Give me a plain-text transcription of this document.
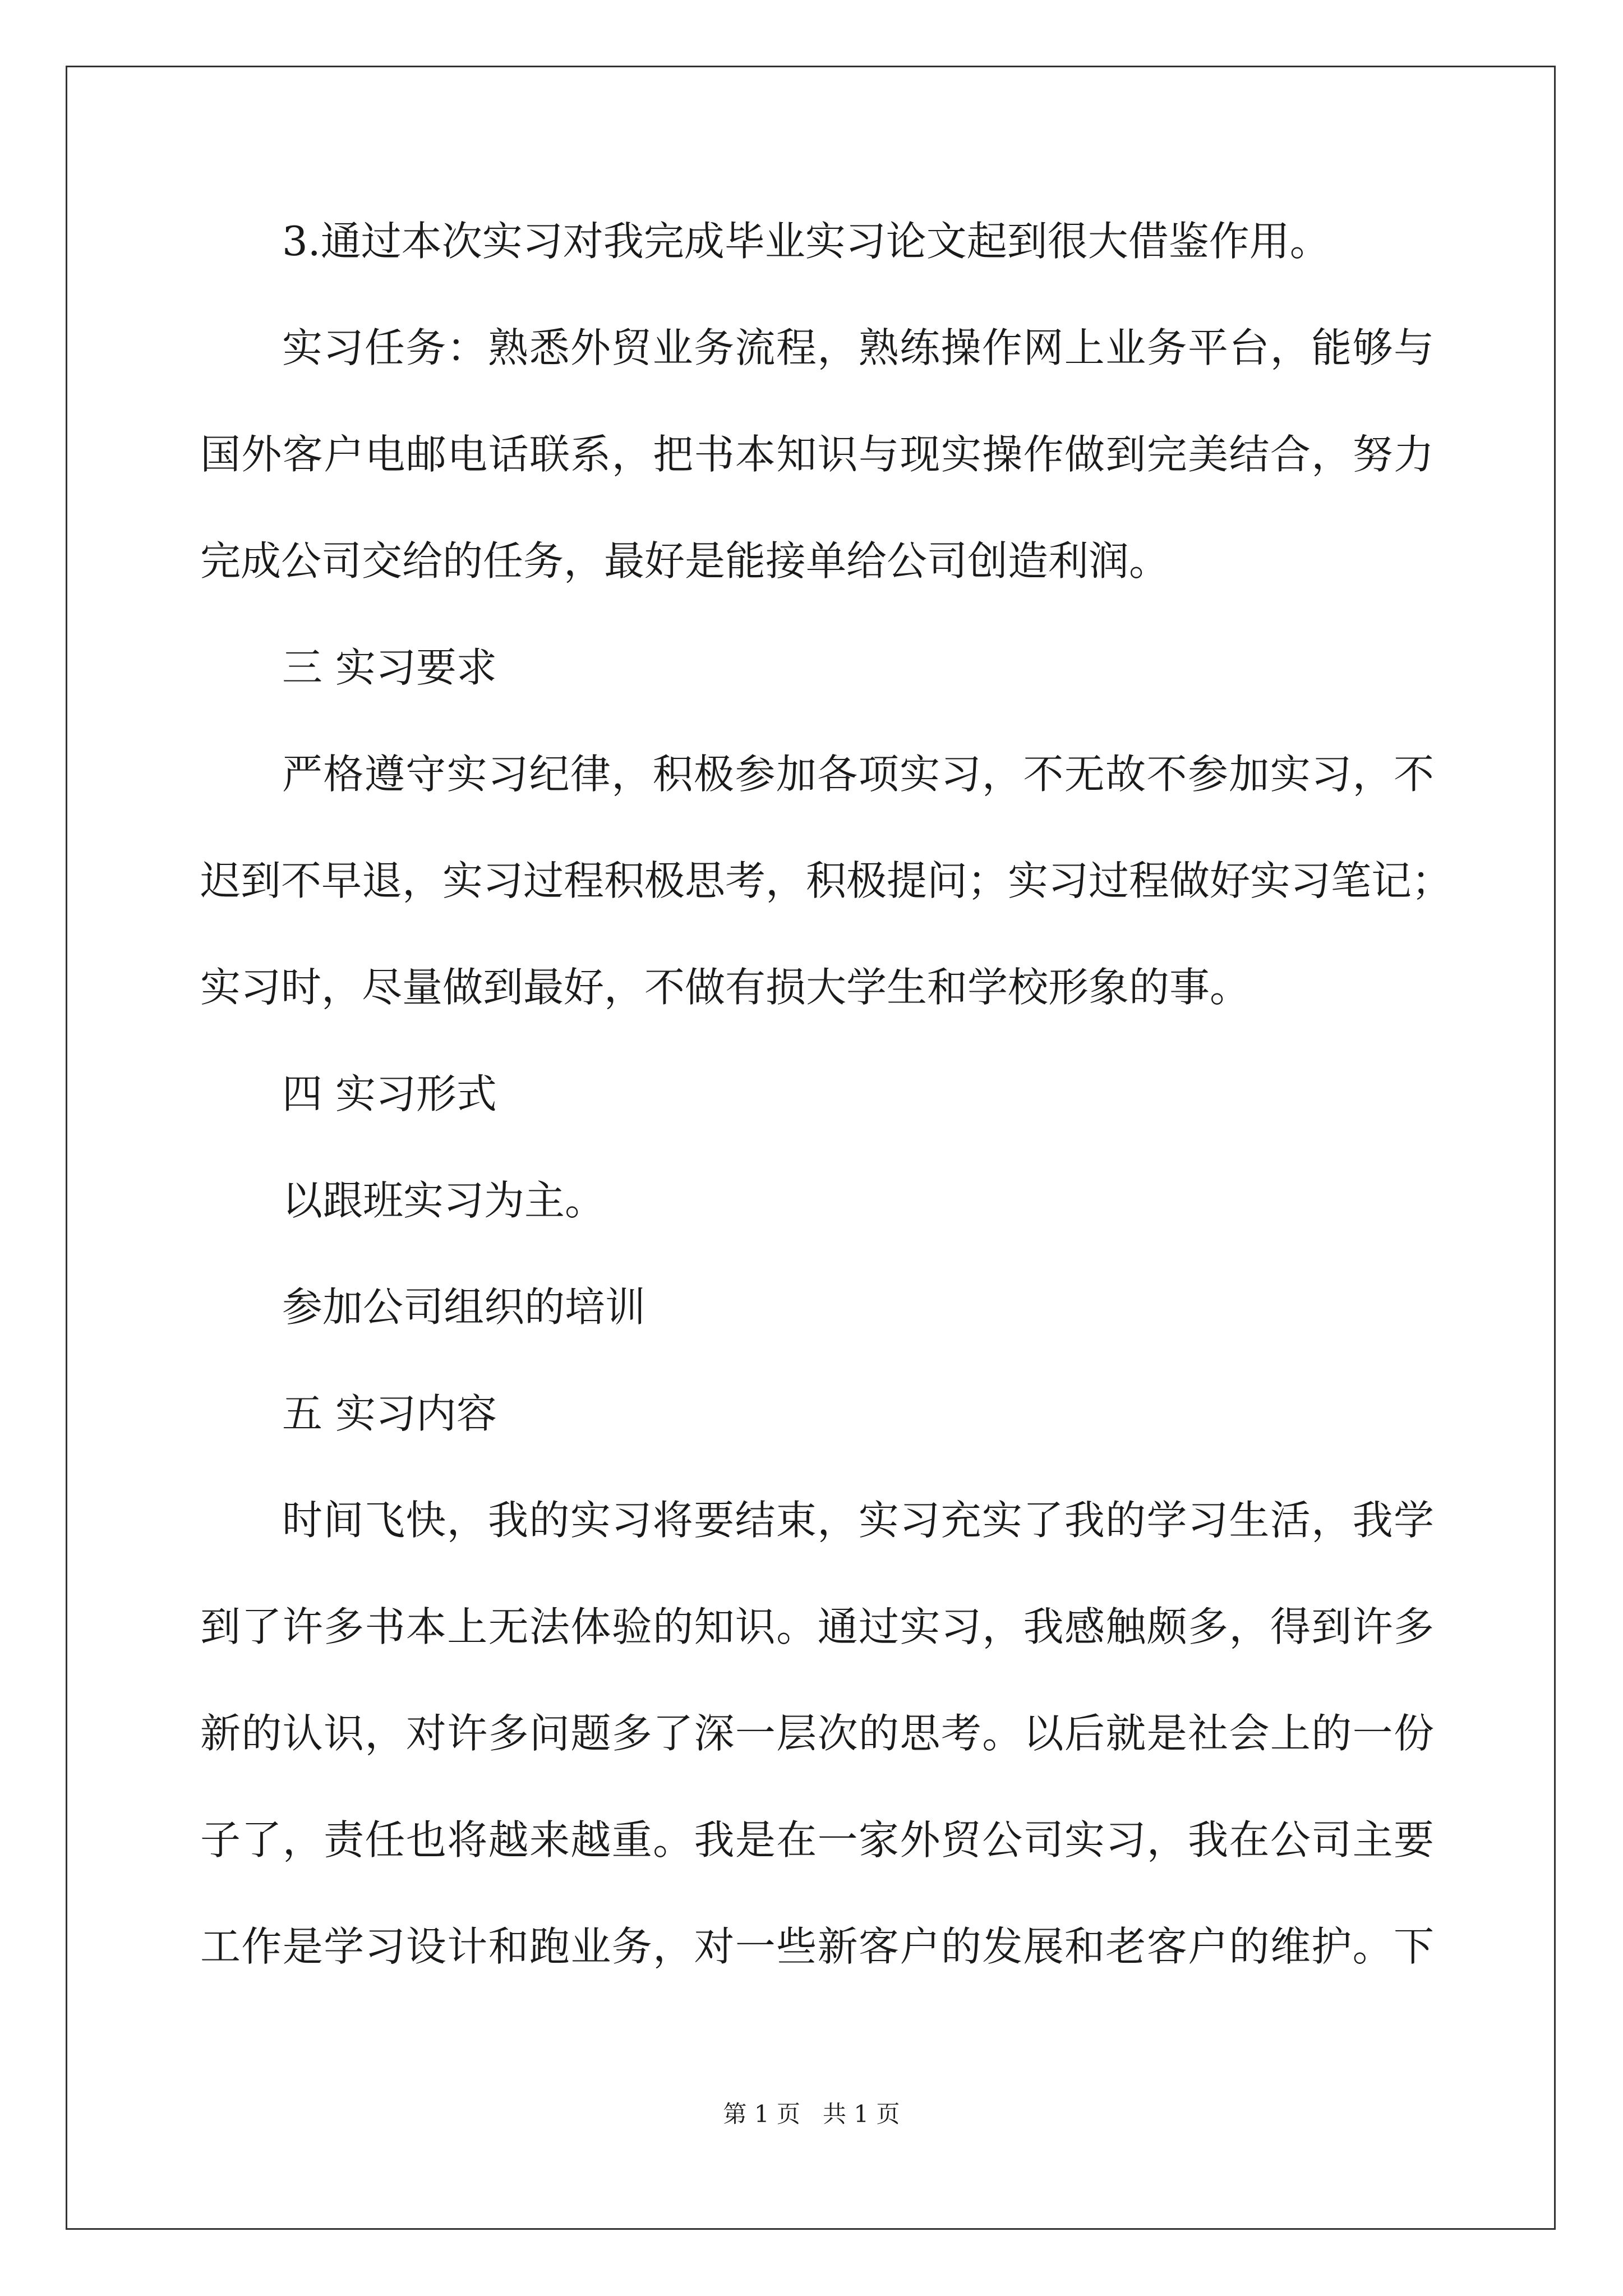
3.通过本次实习对我完成毕业实习论文起到很大借鉴作用。
实习任务：熟悉外贸业务流程，熟练操作网上业务平台，能够与
国外客户电邮电话联系，把书本知识与现实操作做到完美结合，努力
完成公司交给的任务，最好是能接单给公司创造利润。
三 实习要求
严格遵守实习纪律，积极参加各项实习，不无故不参加实习，不
迟到不早退，实习过程积极思考，积极提问；实习过程做好实习笔记；
实习时，尽量做到最好，不做有损大学生和学校形象的事。
四 实习形式
以跟班实习为主。
参加公司组织的培训
五 实习内容
时间飞快，我的实习将要结束，实习充实了我的学习生活，我学
到了许多书本上无法体验的知识。通过实习，我感触颇多，得到许多
新的认识，对许多问题多了深一层次的思考。以后就是社会上的一份
子了，责任也将越来越重。我是在一家外贸公司实习，我在公司主要
工作是学习设计和跑业务，对一些新客户的发展和老客户的维护。下
第 1 页 共 1 页
